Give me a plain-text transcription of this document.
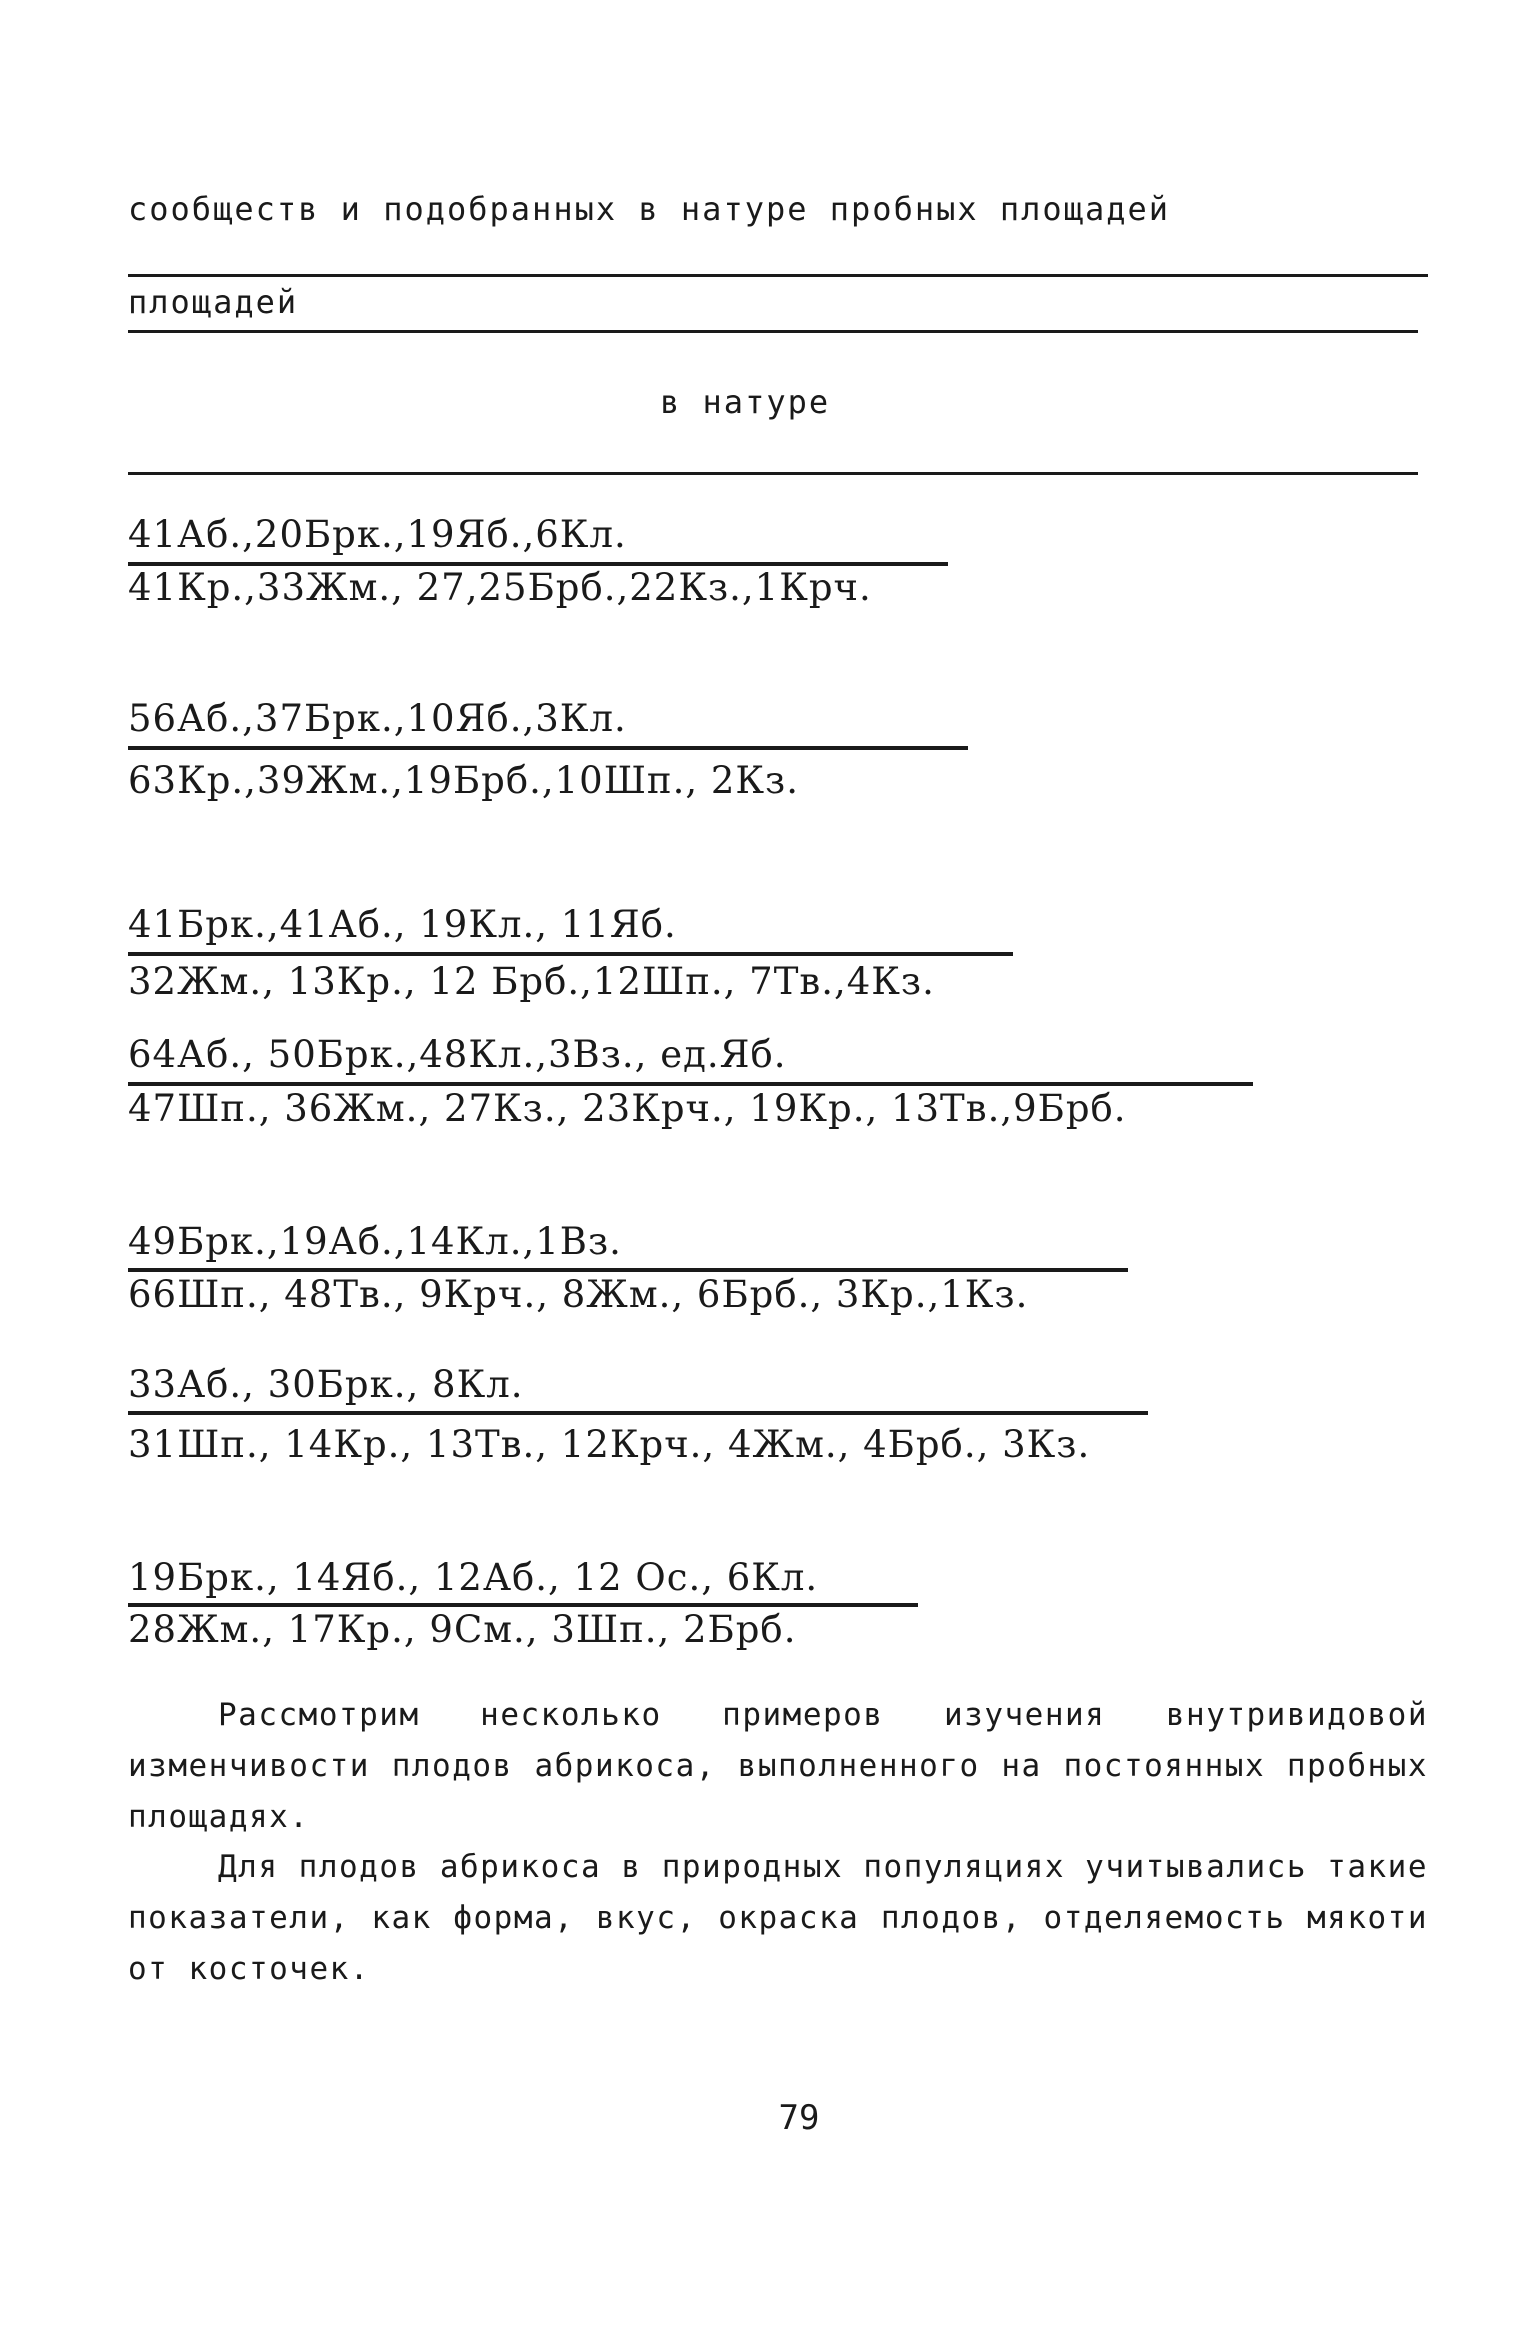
сообществ и подобранных в натуре пробных площадей
площадей
в натуре
41Аб.,20Брк.,19Яб.,6Кл.
41Кр.,33Жм., 27,25Брб.,22Кз.,1Крч.
56Аб.,37Брк.,10Яб.,3Кл.
63Кр.,39Жм.,19Брб.,10Шп., 2Кз.
41Брк.,41Аб., 19Кл., 11Яб.
32Жм., 13Кр., 12 Брб.,12Шп., 7Тв.,4Кз.
64Аб., 50Брк.,48Кл.,3Вз., ед.Яб.
47Шп., 36Жм., 27Кз., 23Крч., 19Кр., 13Тв.,9Брб.
49Брк.,19Аб.,14Кл.,1Вз.
66Шп., 48Тв., 9Крч., 8Жм., 6Брб., 3Кр.,1Кз.
33Аб., 30Брк., 8Кл.
31Шп., 14Кр., 13Тв., 12Крч., 4Жм., 4Брб., 3Кз.
19Брк., 14Яб., 12Аб., 12 Ос., 6Кл.
28Жм., 17Кр., 9См., 3Шп., 2Брб.
Рассмотрим несколько примеров изучения внутривидовой изменчивости плодов абрикоса, выполненного на постоянных пробных площадях.
Для плодов абрикоса в природных популяциях учитывались такие показатели, как форма, вкус, окраска плодов, отделяемость мякоти от косточек.
79
